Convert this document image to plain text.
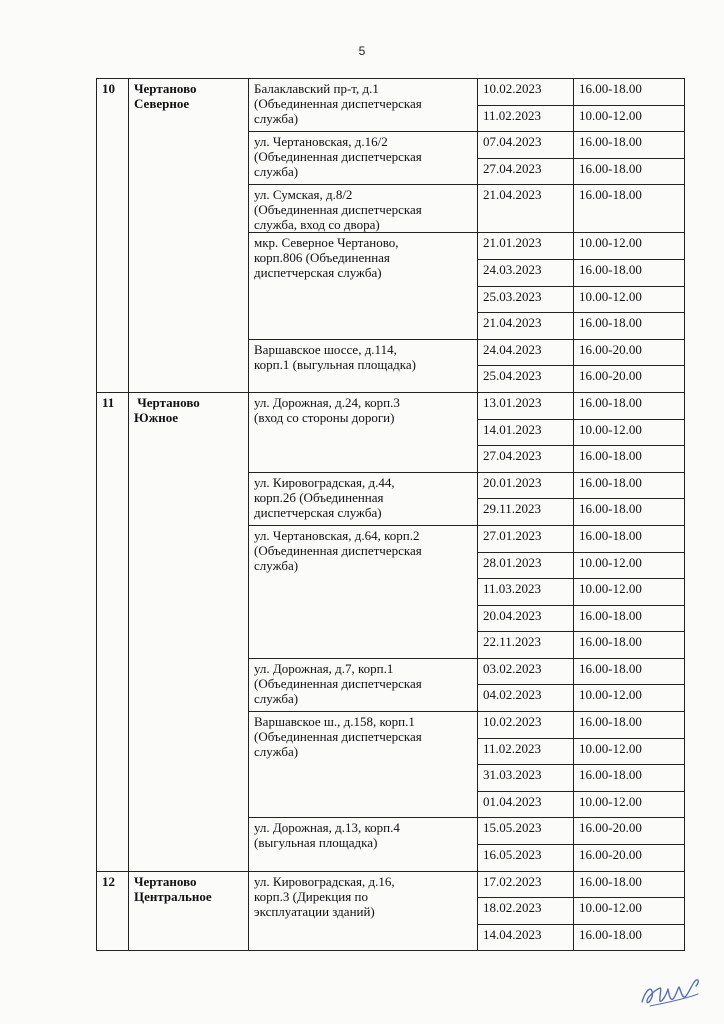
5
10	Чертаново
Северное	Балаклавский пр-т, д.1
(Объединенная диспетчерская
служба)	10.02.2023	16.00-18.00
			11.02.2023	10.00-12.00
		ул. Чертановская, д.16/2
(Объединенная диспетчерская
служба)	07.04.2023	16.00-18.00
			27.04.2023	16.00-18.00
		ул. Сумская, д.8/2
(Объединенная диспетчерская
служба, вход со двора)	21.04.2023	16.00-18.00
		мкр. Северное Чертаново,
корп.806 (Объединенная
диспетчерская служба)	21.01.2023	10.00-12.00
			24.03.2023	16.00-18.00
			25.03.2023	10.00-12.00
			21.04.2023	16.00-18.00
		Варшавское шоссе, д.114,
корп.1 (выгульная площадка)	24.04.2023	16.00-20.00
			25.04.2023	16.00-20.00
11	Чертаново
Южное	ул. Дорожная, д.24, корп.3
(вход со стороны дороги)	13.01.2023	16.00-18.00
			14.01.2023	10.00-12.00
			27.04.2023	16.00-18.00
		ул. Кировоградская, д.44,
корп.2б (Объединенная
диспетчерская служба)	20.01.2023	16.00-18.00
			29.11.2023	16.00-18.00
		ул. Чертановская, д.64, корп.2
(Объединенная диспетчерская
служба)	27.01.2023	16.00-18.00
			28.01.2023	10.00-12.00
			11.03.2023	10.00-12.00
			20.04.2023	16.00-18.00
			22.11.2023	16.00-18.00
		ул. Дорожная, д.7, корп.1
(Объединенная диспетчерская
служба)	03.02.2023	16.00-18.00
			04.02.2023	10.00-12.00
		Варшавское ш., д.158, корп.1
(Объединенная диспетчерская
служба)	10.02.2023	16.00-18.00
			11.02.2023	10.00-12.00
			31.03.2023	16.00-18.00
			01.04.2023	10.00-12.00
		ул. Дорожная, д.13, корп.4
(выгульная площадка)	15.05.2023	16.00-20.00
			16.05.2023	16.00-20.00
12	Чертаново
Центральное	ул. Кировоградская, д.16,
корп.3 (Дирекция по
эксплуатации зданий)	17.02.2023	16.00-18.00
			18.02.2023	10.00-12.00
			14.04.2023	16.00-18.00
